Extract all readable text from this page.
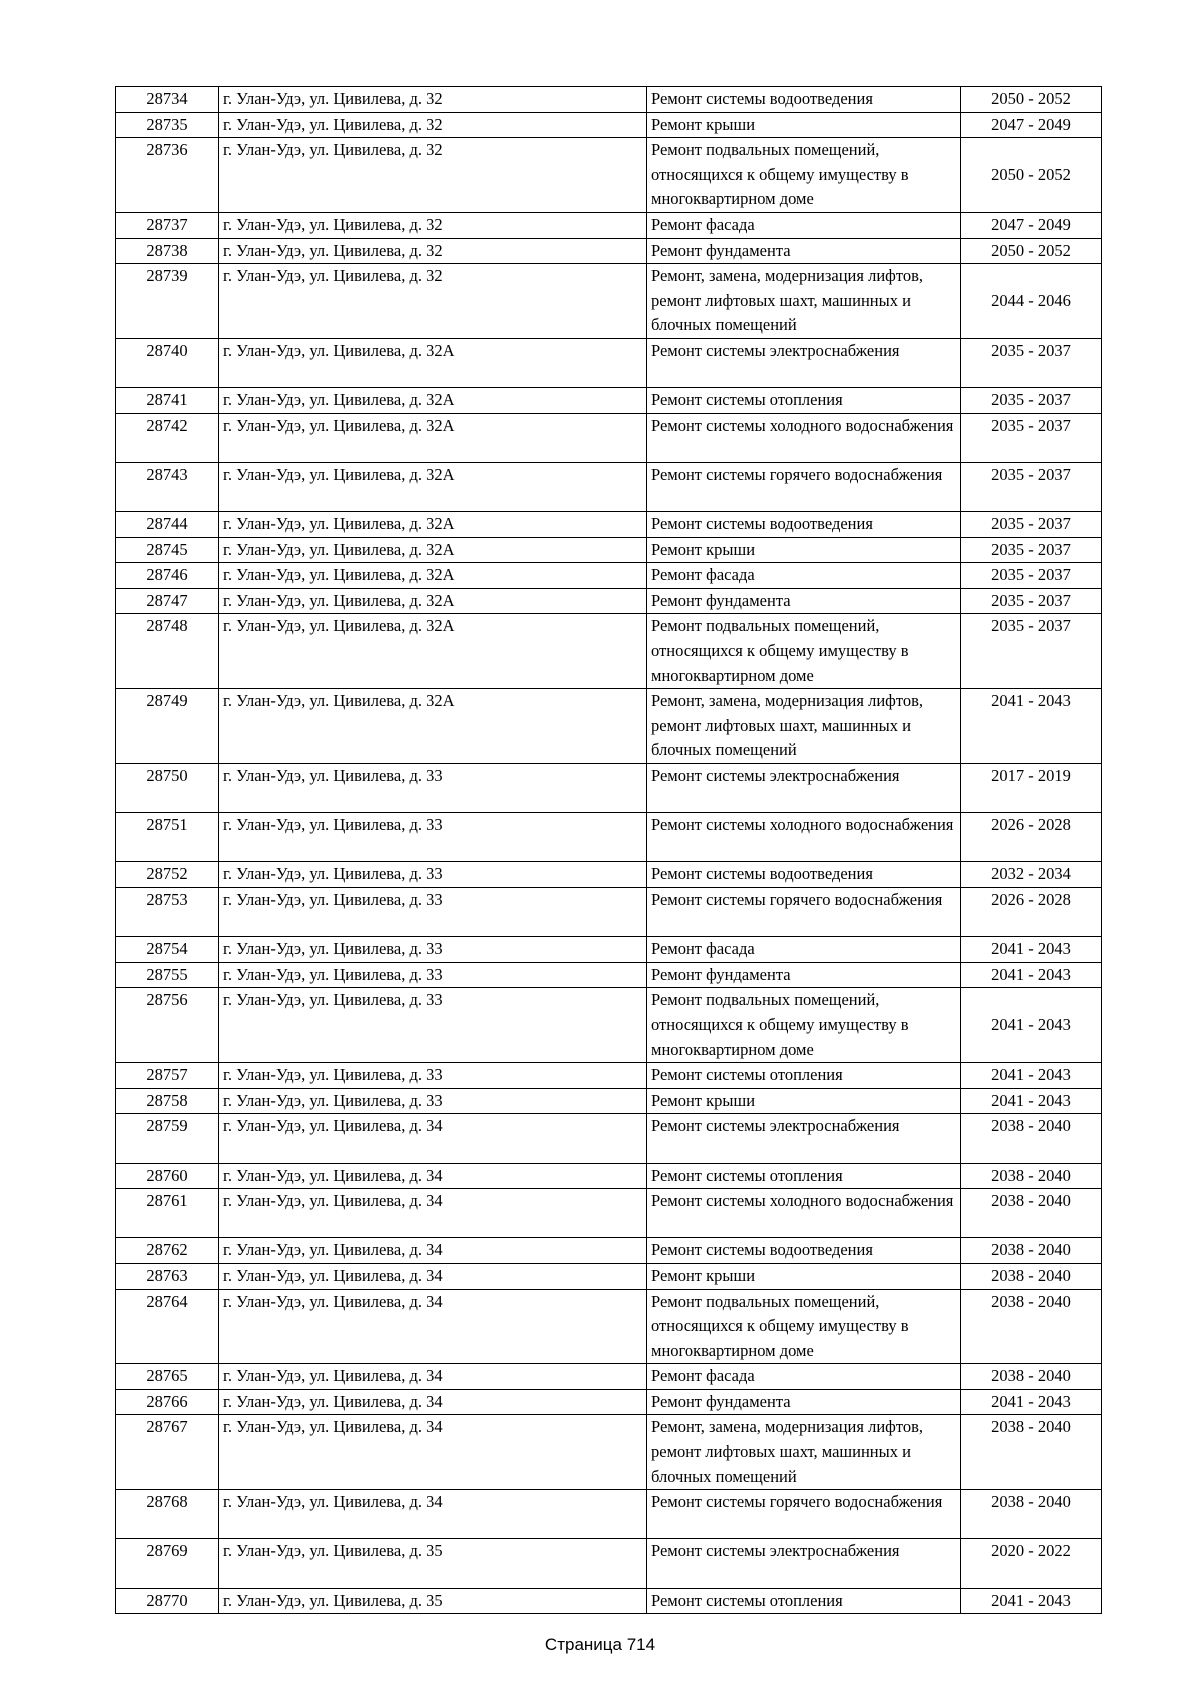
28734	г. Улан-Удэ, ул. Цивилева, д. 32	Ремонт системы водоотведения	2050 - 2052
28735	г. Улан-Удэ, ул. Цивилева, д. 32	Ремонт крыши	2047 - 2049
28736	г. Улан-Удэ, ул. Цивилева, д. 32	Ремонт подвальных помещений, относящихся к общему имуществу в многоквартирном доме	2050 - 2052
28737	г. Улан-Удэ, ул. Цивилева, д. 32	Ремонт фасада	2047 - 2049
28738	г. Улан-Удэ, ул. Цивилева, д. 32	Ремонт фундамента	2050 - 2052
28739	г. Улан-Удэ, ул. Цивилева, д. 32	Ремонт, замена, модернизация лифтов, ремонт лифтовых шахт, машинных и блочных помещений	2044 - 2046
28740	г. Улан-Удэ, ул. Цивилева, д. 32А	Ремонт системы электроснабжения	2035 - 2037
28741	г. Улан-Удэ, ул. Цивилева, д. 32А	Ремонт системы отопления	2035 - 2037
28742	г. Улан-Удэ, ул. Цивилева, д. 32А	Ремонт системы холодного водоснабжения	2035 - 2037
28743	г. Улан-Удэ, ул. Цивилева, д. 32А	Ремонт системы горячего водоснабжения	2035 - 2037
28744	г. Улан-Удэ, ул. Цивилева, д. 32А	Ремонт системы водоотведения	2035 - 2037
28745	г. Улан-Удэ, ул. Цивилева, д. 32А	Ремонт крыши	2035 - 2037
28746	г. Улан-Удэ, ул. Цивилева, д. 32А	Ремонт фасада	2035 - 2037
28747	г. Улан-Удэ, ул. Цивилева, д. 32А	Ремонт фундамента	2035 - 2037
28748	г. Улан-Удэ, ул. Цивилева, д. 32А	Ремонт подвальных помещений, относящихся к общему имуществу в многоквартирном доме	2035 - 2037
28749	г. Улан-Удэ, ул. Цивилева, д. 32А	Ремонт, замена, модернизация лифтов, ремонт лифтовых шахт, машинных и блочных помещений	2041 - 2043
28750	г. Улан-Удэ, ул. Цивилева, д. 33	Ремонт системы электроснабжения	2017 - 2019
28751	г. Улан-Удэ, ул. Цивилева, д. 33	Ремонт системы холодного водоснабжения	2026 - 2028
28752	г. Улан-Удэ, ул. Цивилева, д. 33	Ремонт системы водоотведения	2032 - 2034
28753	г. Улан-Удэ, ул. Цивилева, д. 33	Ремонт системы горячего водоснабжения	2026 - 2028
28754	г. Улан-Удэ, ул. Цивилева, д. 33	Ремонт фасада	2041 - 2043
28755	г. Улан-Удэ, ул. Цивилева, д. 33	Ремонт фундамента	2041 - 2043
28756	г. Улан-Удэ, ул. Цивилева, д. 33	Ремонт подвальных помещений, относящихся к общему имуществу в многоквартирном доме	2041 - 2043
28757	г. Улан-Удэ, ул. Цивилева, д. 33	Ремонт системы отопления	2041 - 2043
28758	г. Улан-Удэ, ул. Цивилева, д. 33	Ремонт крыши	2041 - 2043
28759	г. Улан-Удэ, ул. Цивилева, д. 34	Ремонт системы электроснабжения	2038 - 2040
28760	г. Улан-Удэ, ул. Цивилева, д. 34	Ремонт системы отопления	2038 - 2040
28761	г. Улан-Удэ, ул. Цивилева, д. 34	Ремонт системы холодного водоснабжения	2038 - 2040
28762	г. Улан-Удэ, ул. Цивилева, д. 34	Ремонт системы водоотведения	2038 - 2040
28763	г. Улан-Удэ, ул. Цивилева, д. 34	Ремонт крыши	2038 - 2040
28764	г. Улан-Удэ, ул. Цивилева, д. 34	Ремонт подвальных помещений, относящихся к общему имуществу в многоквартирном доме	2038 - 2040
28765	г. Улан-Удэ, ул. Цивилева, д. 34	Ремонт фасада	2038 - 2040
28766	г. Улан-Удэ, ул. Цивилева, д. 34	Ремонт фундамента	2041 - 2043
28767	г. Улан-Удэ, ул. Цивилева, д. 34	Ремонт, замена, модернизация лифтов, ремонт лифтовых шахт, машинных и блочных помещений	2038 - 2040
28768	г. Улан-Удэ, ул. Цивилева, д. 34	Ремонт системы горячего водоснабжения	2038 - 2040
28769	г. Улан-Удэ, ул. Цивилева, д. 35	Ремонт системы электроснабжения	2020 - 2022
28770	г. Улан-Удэ, ул. Цивилева, д. 35	Ремонт системы отопления	2041 - 2043
Страница 714
